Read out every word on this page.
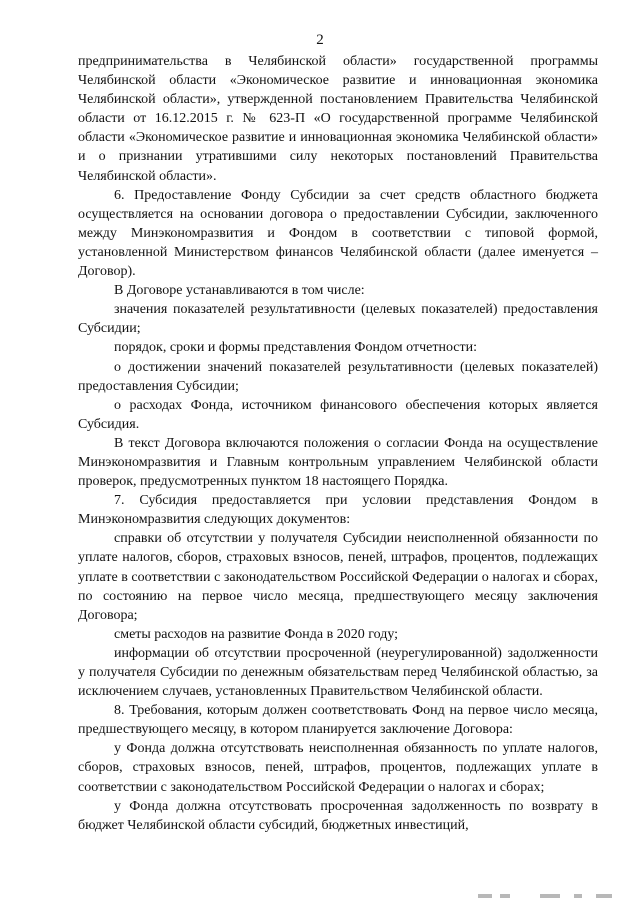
2

предпринимательства в Челябинской области» государственной программы Челябинской области «Экономическое развитие и инновационная экономика Челябинской области», утвержденной постановлением Правительства Челябинской области от 16.12.2015 г. № 623-П «О государственной программе Челябинской области «Экономическое развитие и инновационная экономика Челябинской области» и о признании утратившими силу некоторых постановлений Правительства Челябинской области».

6. Предоставление Фонду Субсидии за счет средств областного бюджета осуществляется на основании договора о предоставлении Субсидии, заключенного между Минэкономразвития и Фондом в соответствии с типовой формой, установленной Министерством финансов Челябинской области (далее именуется – Договор).

В Договоре устанавливаются в том числе:

значения показателей результативности (целевых показателей) предоставления Субсидии;

порядок, сроки и формы представления Фондом отчетности:

о достижении значений показателей результативности (целевых показателей) предоставления Субсидии;

о расходах Фонда, источником финансового обеспечения которых является Субсидия.

В текст Договора включаются положения о согласии Фонда на осуществление Минэкономразвития и Главным контрольным управлением Челябинской области проверок, предусмотренных пунктом 18 настоящего Порядка.

7. Субсидия предоставляется при условии представления Фондом в Минэкономразвития следующих документов:

справки об отсутствии у получателя Субсидии неисполненной обязанности по уплате налогов, сборов, страховых взносов, пеней, штрафов, процентов, подлежащих уплате в соответствии с законодательством Российской Федерации о налогах и сборах, по состоянию на первое число месяца, предшествующего месяцу заключения Договора;

сметы расходов на развитие Фонда в 2020 году;

информации об отсутствии просроченной (неурегулированной) задолженности у получателя Субсидии по денежным обязательствам перед Челябинской областью, за исключением случаев, установленных Правительством Челябинской области.

8. Требования, которым должен соответствовать Фонд на первое число месяца, предшествующего месяцу, в котором планируется заключение Договора:

у Фонда должна отсутствовать неисполненная обязанность по уплате налогов, сборов, страховых взносов, пеней, штрафов, процентов, подлежащих уплате в соответствии с законодательством Российской Федерации о налогах и сборах;

у Фонда должна отсутствовать просроченная задолженность по возврату в бюджет Челябинской области субсидий, бюджетных инвестиций,
